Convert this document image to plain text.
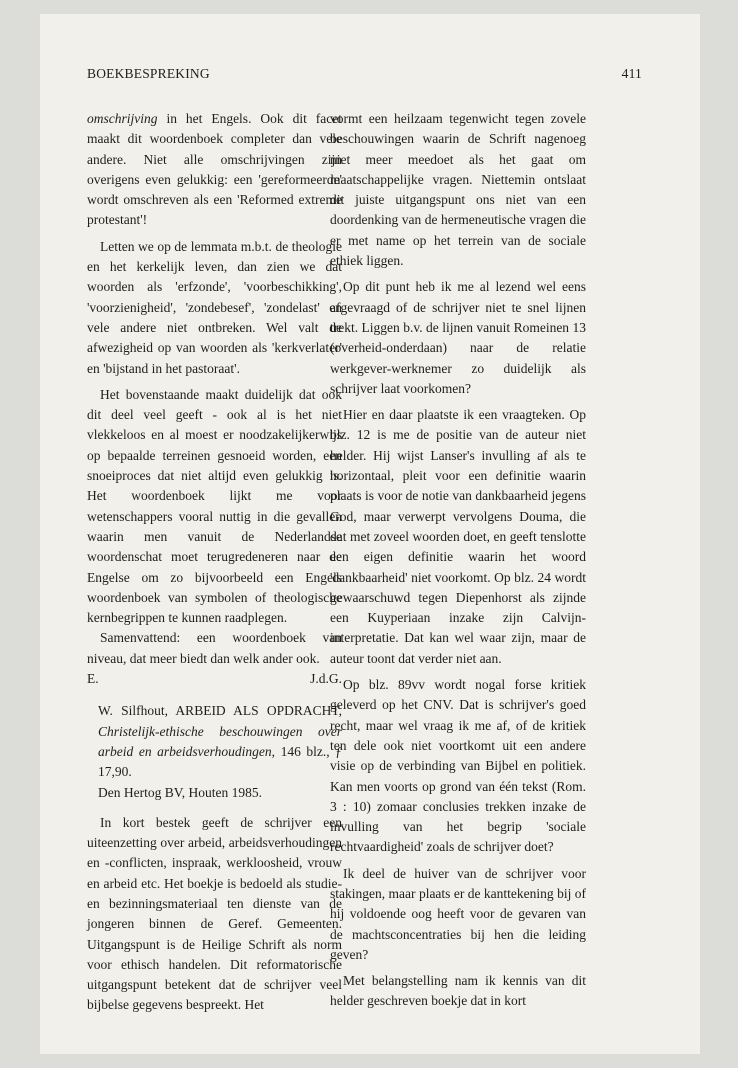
BOEKBESPREKING	411

omschrijving in het Engels. Ook dit facet maakt dit woordenboek completer dan vele andere. Niet alle omschrijvingen zijn overigens even gelukkig: een 'gereformeerde' wordt omschreven als een 'Reformed extreme protestant'!

Letten we op de lemmata m.b.t. de theologie en het kerkelijk leven, dan zien we dat woorden als 'erfzonde', 'voorbeschikking', 'voorzienigheid', 'zondebesef', 'zondelast' en vele andere niet ontbreken. Wel valt de afwezigheid op van woorden als 'kerkverlater' en 'bijstand in het pastoraat'.

Het bovenstaande maakt duidelijk dat ook dit deel veel geeft - ook al is het niet vlekkeloos en al moest er noodzakelijkerwijs op bepaalde terreinen gesnoeid worden, een snoeiproces dat niet altijd even gelukkig is. Het woordenboek lijkt me voor wetenschappers vooral nuttig in die gevallen waarin men vanuit de Nederlandse woordenschat moet terugredeneren naar de Engelse om zo bijvoorbeeld een Engels woordenboek van symbolen of theologische kernbegrippen te kunnen raadplegen.

Samenvattend: een woordenboek van niveau, dat meer biedt dan welk ander ook.

E.	J.d.G.
W. Silfhout, ARBEID ALS OPDRACHT, Christelijk-ethische beschouwingen over arbeid en arbeidsverhoudingen, 146 blz., ƒ 17,90.
Den Hertog BV, Houten 1985.

In kort bestek geeft de schrijver een uiteenzetting over arbeid, arbeidsverhoudingen en -conflicten, inspraak, werkloosheid, vrouw en arbeid etc. Het boekje is bedoeld als studie- en bezinningsmateriaal ten dienste van de jongeren binnen de Geref. Gemeenten. Uitgangspunt is de Heilige Schrift als norm voor ethisch handelen. Dit reformatorische uitgangspunt betekent dat de schrijver veel bijbelse gegevens bespreekt. Het

vormt een heilzaam tegenwicht tegen zovele beschouwingen waarin de Schrift nagenoeg niet meer meedoet als het gaat om maatschappelijke vragen. Niettemin ontslaat dit juiste uitgangspunt ons niet van een doordenking van de hermeneutische vragen die er met name op het terrein van de sociale ethiek liggen.

Op dit punt heb ik me al lezend wel eens afgevraagd of de schrijver niet te snel lijnen trekt. Liggen b.v. de lijnen vanuit Romeinen 13 (overheid-onderdaan) naar de relatie werkgever-werknemer zo duidelijk als schrijver laat voorkomen?

Hier en daar plaatste ik een vraagteken. Op blz. 12 is me de positie van de auteur niet helder. Hij wijst Lanser's invulling af als te horizontaal, pleit voor een definitie waarin plaats is voor de notie van dankbaarheid jegens God, maar verwerpt vervolgens Douma, die dat met zoveel woorden doet, en geeft tenslotte een eigen definitie waarin het woord 'dankbaarheid' niet voorkomt. Op blz. 24 wordt gewaarschuwd tegen Diepenhorst als zijnde een Kuyperiaan inzake zijn Calvijn-interpretatie. Dat kan wel waar zijn, maar de auteur toont dat verder niet aan.

Op blz. 89vv wordt nogal forse kritiek geleverd op het CNV. Dat is schrijver's goed recht, maar wel vraag ik me af, of de kritiek ten dele ook niet voortkomt uit een andere visie op de verbinding van Bijbel en politiek. Kan men voorts op grond van één tekst (Rom. 3 : 10) zomaar conclusies trekken inzake de invulling van het begrip 'sociale rechtvaardigheid' zoals de schrijver doet?

Ik deel de huiver van de schrijver voor stakingen, maar plaats er de kanttekening bij of hij voldoende oog heeft voor de gevaren van de machtsconcentraties bij hen die leiding geven?

Met belangstelling nam ik kennis van dit helder geschreven boekje dat in kort
